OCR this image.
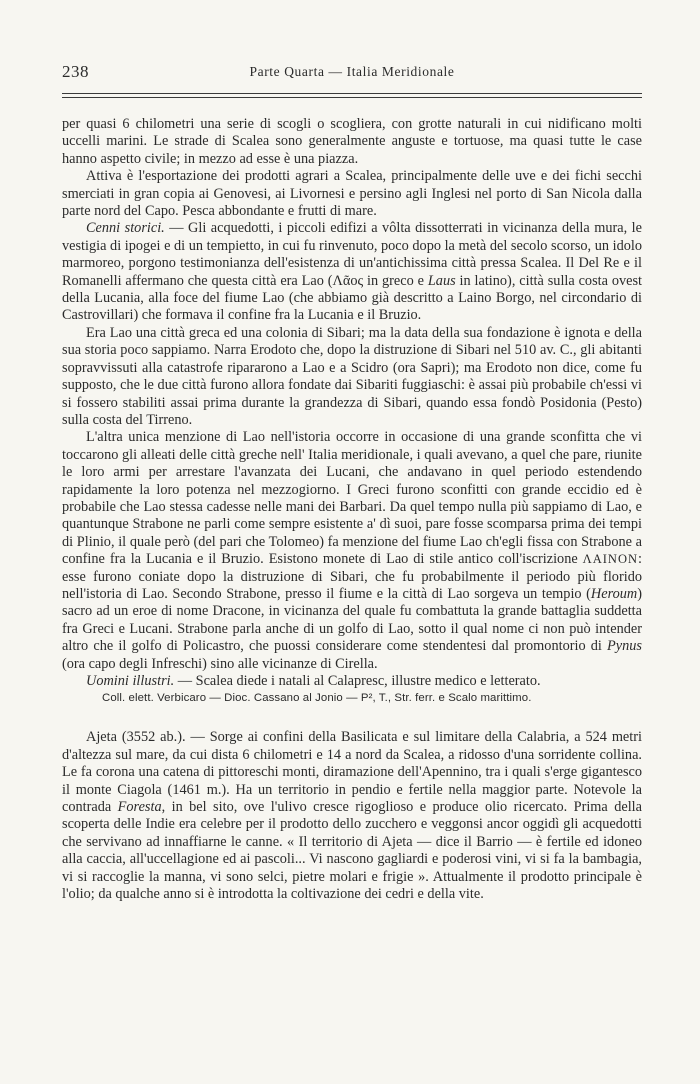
238	Parte Quarta — Italia Meridionale

per quasi 6 chilometri una serie di scogli o scogliera, con grotte naturali in cui nidificano molti uccelli marini. Le strade di Scalea sono generalmente anguste e tortuose, ma quasi tutte le case hanno aspetto civile; in mezzo ad esse è una piazza.

Attiva è l'esportazione dei prodotti agrari a Scalea, principalmente delle uve e dei fichi secchi smerciati in gran copia ai Genovesi, ai Livornesi e persino agli Inglesi nel porto di San Nicola dalla parte nord del Capo. Pesca abbondante e frutti di mare.

Cenni storici. — Gli acquedotti, i piccoli edifizi a vôlta dissotterrati in vicinanza della mura, le vestigia di ipogei e di un tempietto, in cui fu rinvenuto, poco dopo la metà del secolo scorso, un idolo marmoreo, porgono testimonianza dell'esistenza di un'antichissima città pressa Scalea. Il Del Re e il Romanelli affermano che questa città era Lao (Λᾶος in greco e Laus in latino), città sulla costa ovest della Lucania, alla foce del fiume Lao (che abbiamo già descritto a Laino Borgo, nel circondario di Castrovillari) che formava il confine fra la Lucania e il Bruzio.

Era Lao una città greca ed una colonia di Sibari; ma la data della sua fondazione è ignota e della sua storia poco sappiamo. Narra Erodoto che, dopo la distruzione di Sibari nel 510 av. C., gli abitanti sopravvissuti alla catastrofe ripararono a Lao e a Scidro (ora Sapri); ma Erodoto non dice, come fu supposto, che le due città furono allora fondate dai Sibariti fuggiaschi: è assai più probabile ch'essi vi si fossero stabiliti assai prima durante la grandezza di Sibari, quando essa fondò Posidonia (Pesto) sulla costa del Tirreno.

L'altra unica menzione di Lao nell'istoria occorre in occasione di una grande sconfitta che vi toccarono gli alleati delle città greche nell' Italia meridionale, i quali avevano, a quel che pare, riunite le loro armi per arrestare l'avanzata dei Lucani, che andavano in quel periodo estendendo rapidamente la loro potenza nel mezzogiorno. I Greci furono sconfitti con grande eccidio ed è probabile che Lao stessa cadesse nelle mani dei Barbari. Da quel tempo nulla più sappiamo di Lao, e quantunque Strabone ne parli come sempre esistente a' dì suoi, pare fosse scomparsa prima dei tempi di Plinio, il quale però (del pari che Tolomeo) fa menzione del fiume Lao ch'egli fissa con Strabone a confine fra la Lucania e il Bruzio. Esistono monete di Lao di stile antico coll'iscrizione ΛΑΙΝΟΝ: esse furono coniate dopo la distruzione di Sibari, che fu probabilmente il periodo più florido nell'istoria di Lao. Secondo Strabone, presso il fiume e la città di Lao sorgeva un tempio (Heroum) sacro ad un eroe di nome Dracone, in vicinanza del quale fu combattuta la grande battaglia suddetta fra Greci e Lucani. Strabone parla anche di un golfo di Lao, sotto il qual nome ci non può intender altro che il golfo di Policastro, che puossi considerare come stendentesi dal promontorio di Pynus (ora capo degli Infreschi) sino alle vicinanze di Cirella.

Uomini illustri. — Scalea diede i natali al Calapresc, illustre medico e letterato.

Coll. elett. Verbicaro — Dioc. Cassano al Jonio — P², T., Str. ferr. e Scalo marittimo.

Ajeta (3552 ab.). — Sorge ai confini della Basilicata e sul limitare della Calabria, a 524 metri d'altezza sul mare, da cui dista 6 chilometri e 14 a nord da Scalea, a ridosso d'una sorridente collina. Le fa corona una catena di pittoreschi monti, diramazione dell'Apennino, tra i quali s'erge gigantesco il monte Ciagola (1461 m.). Ha un territorio in pendio e fertile nella maggior parte. Notevole la contrada Foresta, in bel sito, ove l'ulivo cresce rigoglioso e produce olio ricercato. Prima della scoperta delle Indie era celebre per il prodotto dello zucchero e veggonsi ancor oggidì gli acquedotti che servivano ad innaffiarne le canne. « Il territorio di Ajeta — dice il Barrio — è fertile ed idoneo alla caccia, all'uccellagione ed ai pascoli... Vi nascono gagliardi e poderosi vini, vi si fa la bambagia, vi si raccoglie la manna, vi sono selci, pietre molari e frigie ». Attualmente il prodotto principale è l'olio; da qualche anno si è introdotta la coltivazione dei cedri e della vite.
